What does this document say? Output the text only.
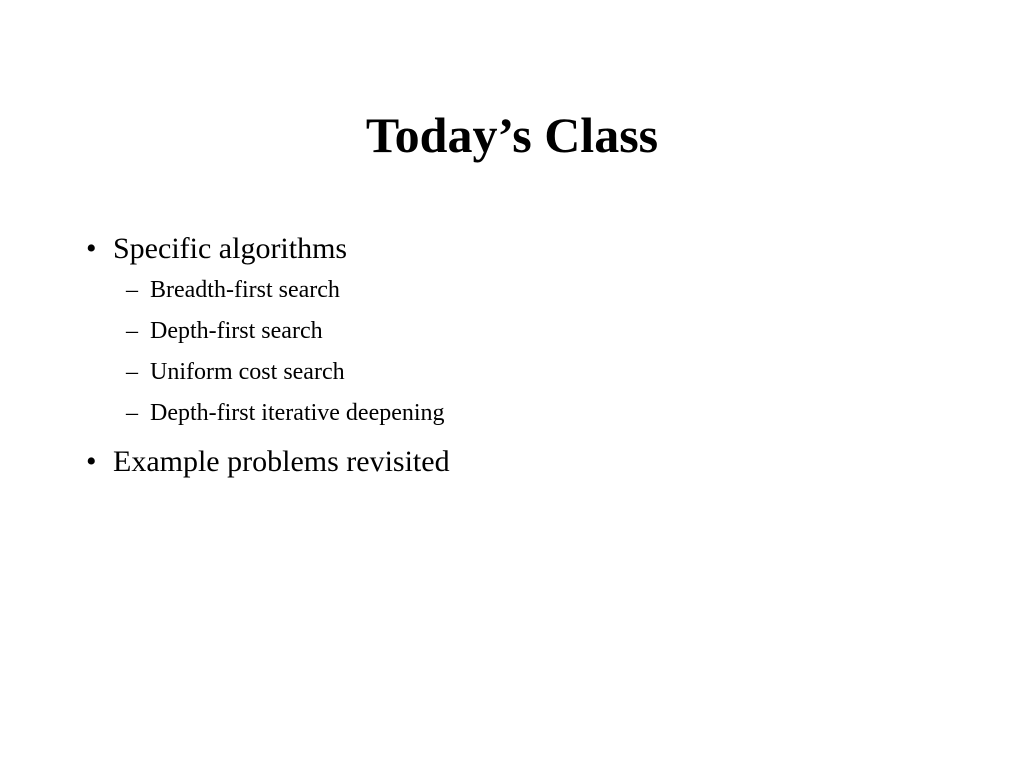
Today’s Class
• Specific algorithms
– Breadth-first search
– Depth-first search
– Uniform cost search
– Depth-first iterative deepening
• Example problems revisited
